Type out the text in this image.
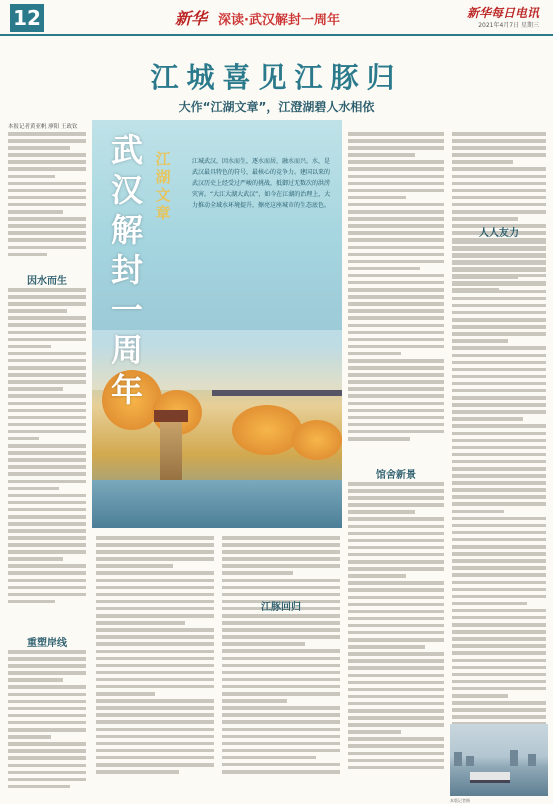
12	新华 深读·武汉解封一周年	新华每日电讯
2021年4月7日 星期三
江城喜见江豚归
大作“江湖文章”，江澄湖碧人水相依
本报记者黄亚帆 廖阳 王政钦
武汉解封一周年
江湖文章
江城武汉，因水而生，逐水而居，融水而兴。水，是武汉最具特色的符号，最核心的竞争力。建国以来的武汉历史上经受过严峻的挑战，抵御过无数次的洪涝灾害。“大江大湖大武汉”，如今在江湖的治理上，大力推动全域水环境提升，擦亮这座城市的生态底色。
因水而生
重塑岸线
江豚回归
馆舍新景
人人友力
本版记者摄
